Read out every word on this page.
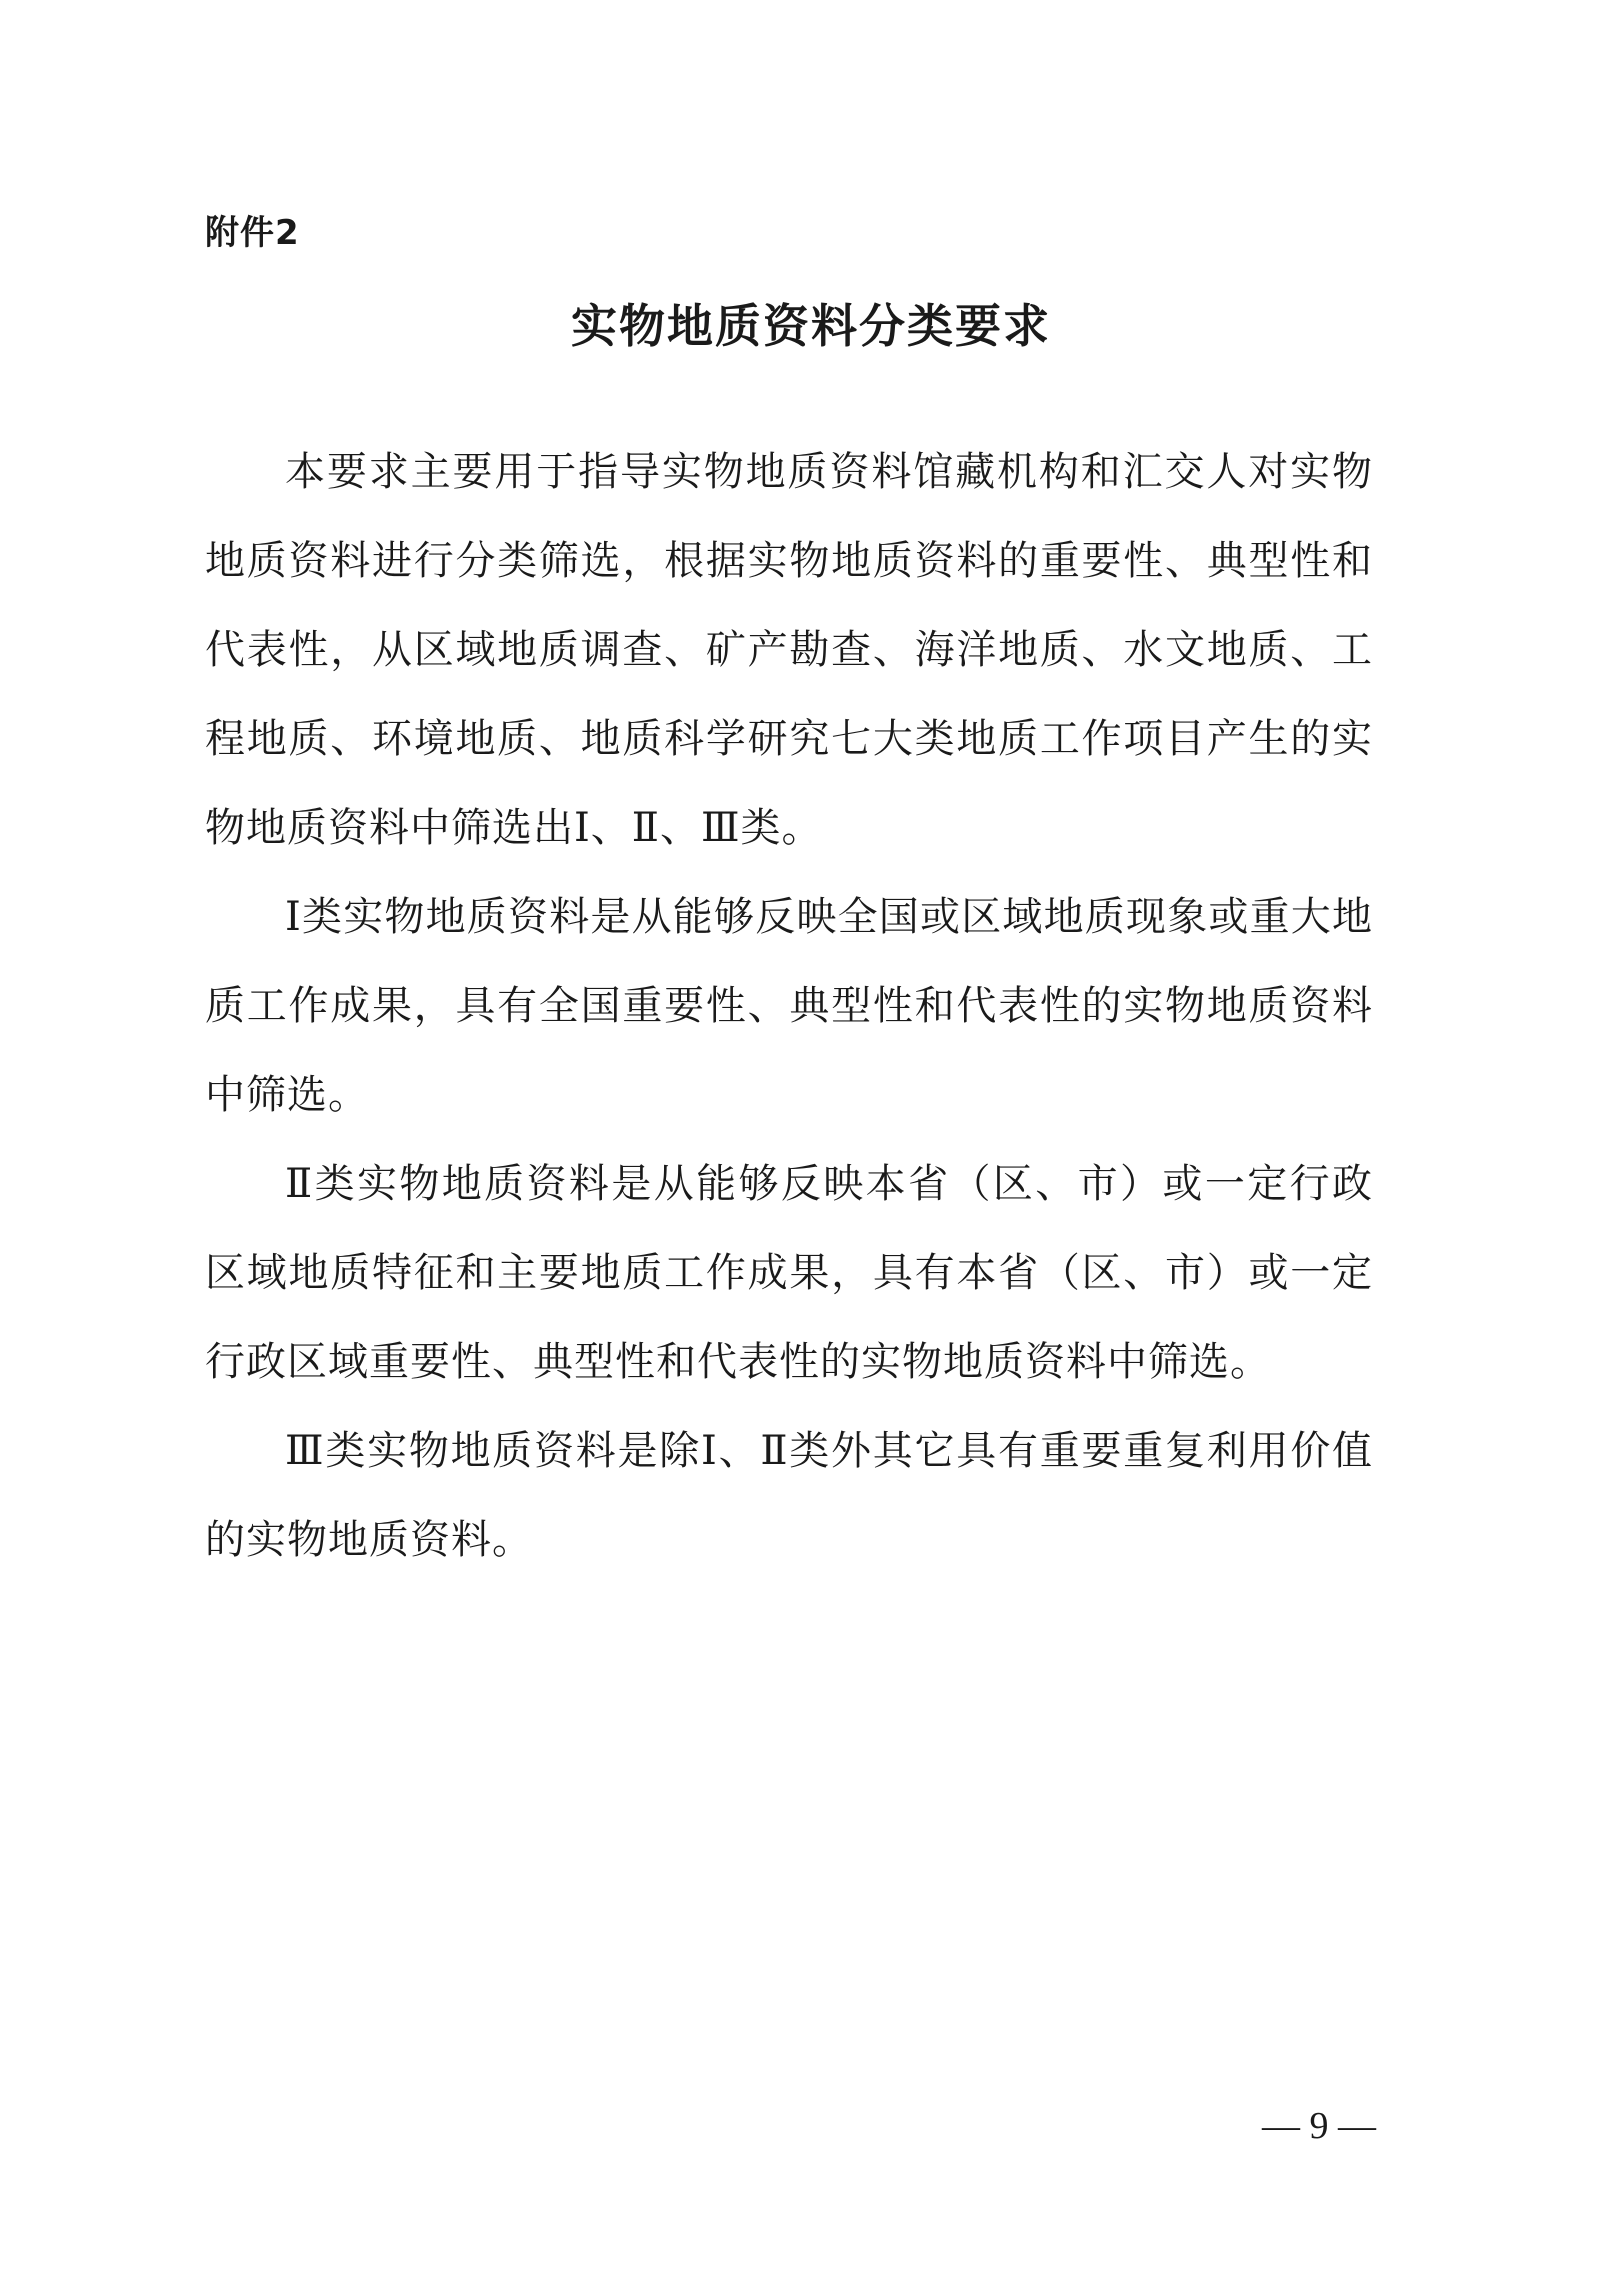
附件2
实物地质资料分类要求

本要求主要用于指导实物地质资料馆藏机构和汇交人对实物地质资料进行分类筛选，根据实物地质资料的重要性、典型性和代表性，从区域地质调查、矿产勘查、海洋地质、水文地质、工程地质、环境地质、地质科学研究七大类地质工作项目产生的实物地质资料中筛选出Ⅰ、Ⅱ、Ⅲ类。

Ⅰ类实物地质资料是从能够反映全国或区域地质现象或重大地质工作成果，具有全国重要性、典型性和代表性的实物地质资料中筛选。

Ⅱ类实物地质资料是从能够反映本省（区、市）或一定行政区域地质特征和主要地质工作成果，具有本省（区、市）或一定行政区域重要性、典型性和代表性的实物地质资料中筛选。

Ⅲ类实物地质资料是除Ⅰ、Ⅱ类外其它具有重要重复利用价值的实物地质资料。

— 9 —
